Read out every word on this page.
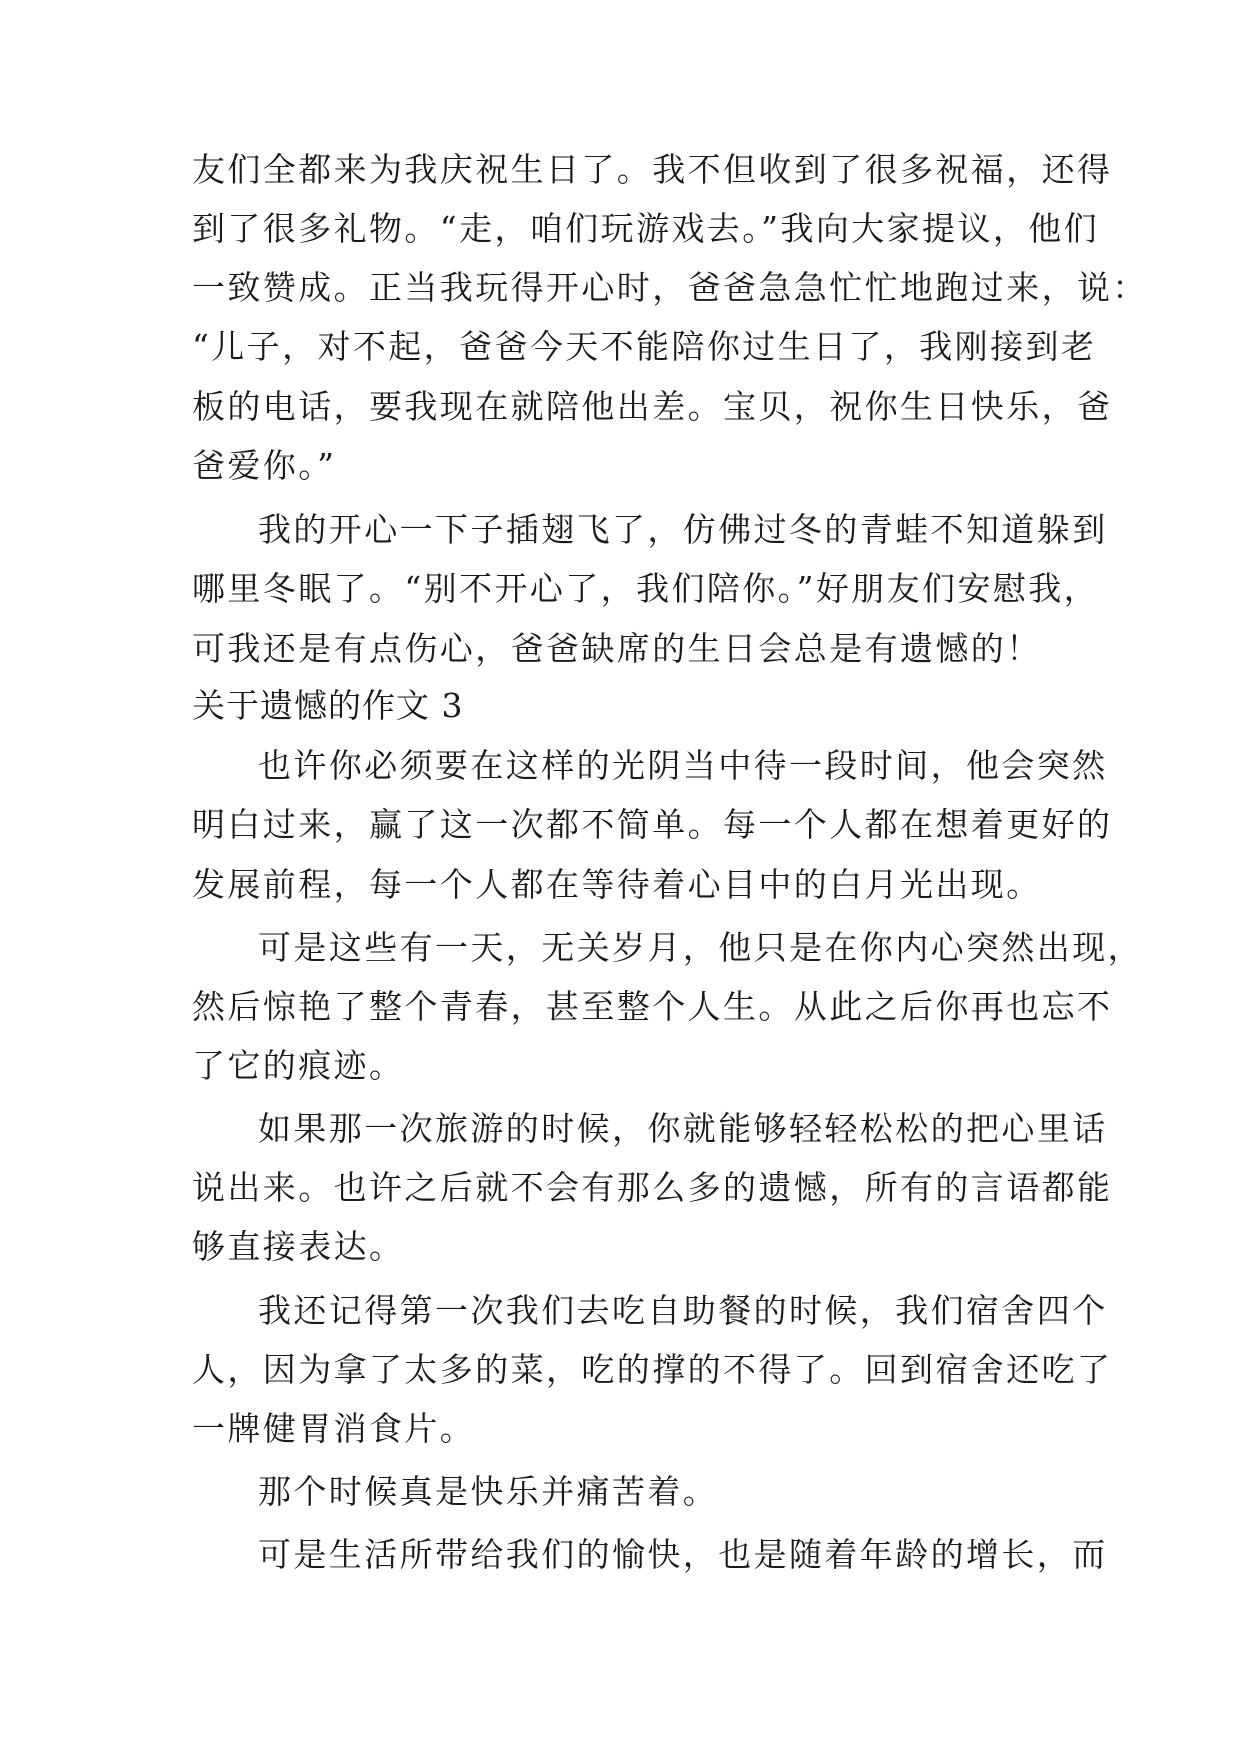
友们全都来为我庆祝生日了。我不但收到了很多祝福，还得
到了很多礼物。“走，咱们玩游戏去。”我向大家提议，他们
一致赞成。正当我玩得开心时，爸爸急急忙忙地跑过来，说：
“儿子，对不起，爸爸今天不能陪你过生日了，我刚接到老
板的电话，要我现在就陪他出差。宝贝，祝你生日快乐，爸
爸爱你。”
我的开心一下子插翅飞了，仿佛过冬的青蛙不知道躲到
哪里冬眠了。“别不开心了，我们陪你。”好朋友们安慰我，
可我还是有点伤心，爸爸缺席的生日会总是有遗憾的！
关于遗憾的作文 3
也许你必须要在这样的光阴当中待一段时间，他会突然
明白过来，赢了这一次都不简单。每一个人都在想着更好的
发展前程，每一个人都在等待着心目中的白月光出现。
可是这些有一天，无关岁月，他只是在你内心突然出现，
然后惊艳了整个青春，甚至整个人生。从此之后你再也忘不
了它的痕迹。
如果那一次旅游的时候，你就能够轻轻松松的把心里话
说出来。也许之后就不会有那么多的遗憾，所有的言语都能
够直接表达。
我还记得第一次我们去吃自助餐的时候，我们宿舍四个
人，因为拿了太多的菜，吃的撑的不得了。回到宿舍还吃了
一牌健胃消食片。
那个时候真是快乐并痛苦着。
可是生活所带给我们的愉快，也是随着年龄的增长，而
